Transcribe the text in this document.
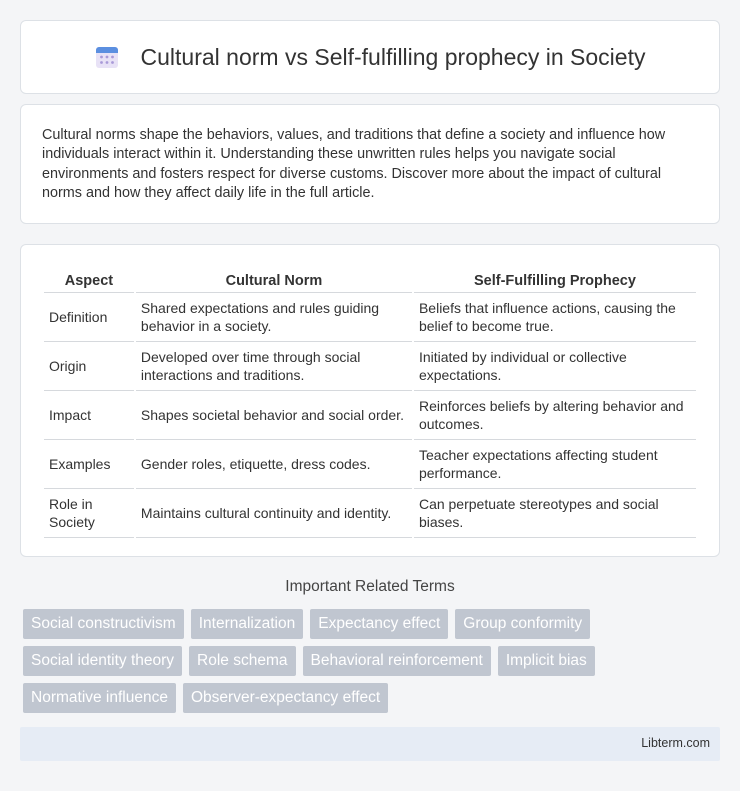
Cultural norm vs Self-fulfilling prophecy in Society

Cultural norms shape the behaviors, values, and traditions that define a society and influence how individuals interact within it. Understanding these unwritten rules helps you navigate social environments and fosters respect for diverse customs. Discover more about the impact of cultural norms and how they affect daily life in the full article.

Aspect	Cultural Norm	Self-Fulfilling Prophecy
Definition	Shared expectations and rules guiding behavior in a society.	Beliefs that influence actions, causing the belief to become true.
Origin	Developed over time through social interactions and traditions.	Initiated by individual or collective expectations.
Impact	Shapes societal behavior and social order.	Reinforces beliefs by altering behavior and outcomes.
Examples	Gender roles, etiquette, dress codes.	Teacher expectations affecting student performance.
Role in Society	Maintains cultural continuity and identity.	Can perpetuate stereotypes and social biases.
Important Related Terms
Social constructivism	Internalization	Expectancy effect	Group conformity
Social identity theory	Role schema	Behavioral reinforcement	Implicit bias
Normative influence	Observer-expectancy effect
Libterm.com
